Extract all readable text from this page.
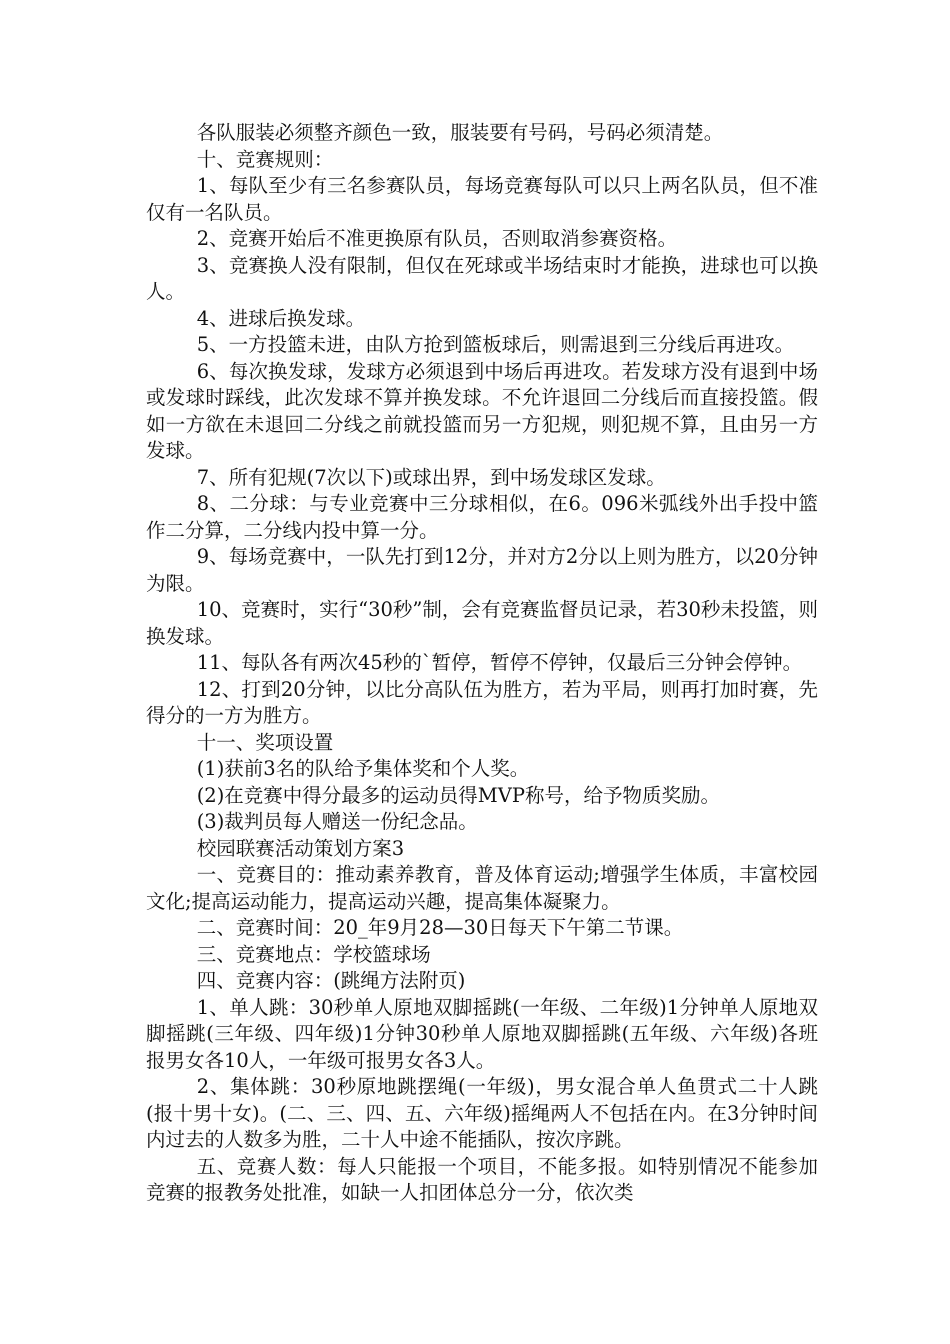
各队服装必须整齐颜色一致，服装要有号码，号码必须清楚。

十、竞赛规则：

1、每队至少有三名参赛队员，每场竞赛每队可以只上两名队员，但不准仅有一名队员。

2、竞赛开始后不准更换原有队员，否则取消参赛资格。

3、竞赛换人没有限制，但仅在死球或半场结束时才能换，进球也可以换人。

4、进球后换发球。

5、一方投篮未进，由队方抢到篮板球后，则需退到三分线后再进攻。

6、每次换发球，发球方必须退到中场后再进攻。若发球方没有退到中场或发球时踩线，此次发球不算并换发球。不允许退回二分线后而直接投篮。假如一方欲在未退回二分线之前就投篮而另一方犯规，则犯规不算，且由另一方发球。

7、所有犯规(7次以下)或球出界，到中场发球区发球。

8、二分球：与专业竞赛中三分球相似，在6。096米弧线外出手投中篮作二分算，二分线内投中算一分。

9、每场竞赛中，一队先打到12分，并对方2分以上则为胜方，以20分钟为限。

10、竞赛时，实行“30秒”制，会有竞赛监督员记录，若30秒未投篮，则换发球。

11、每队各有两次45秒的`暂停，暂停不停钟，仅最后三分钟会停钟。

12、打到20分钟，以比分高队伍为胜方，若为平局，则再打加时赛，先得分的一方为胜方。

十一、奖项设置

(1)获前3名的队给予集体奖和个人奖。

(2)在竞赛中得分最多的运动员得MVP称号，给予物质奖励。

(3)裁判员每人赠送一份纪念品。

校园联赛活动策划方案3

一、竞赛目的：推动素养教育，普及体育运动;增强学生体质，丰富校园文化;提高运动能力，提高运动兴趣，提高集体凝聚力。

二、竞赛时间：20_年9月28—30日每天下午第二节课。

三、竞赛地点：学校篮球场

四、竞赛内容：(跳绳方法附页)

1、单人跳：30秒单人原地双脚摇跳(一年级、二年级)1分钟单人原地双脚摇跳(三年级、四年级)1分钟30秒单人原地双脚摇跳(五年级、六年级)各班报男女各10人，一年级可报男女各3人。

2、集体跳：30秒原地跳摆绳(一年级)，男女混合单人鱼贯式二十人跳(报十男十女)。(二、三、四、五、六年级)摇绳两人不包括在内。在3分钟时间内过去的人数多为胜，二十人中途不能插队，按次序跳。

五、竞赛人数：每人只能报一个项目，不能多报。如特别情况不能参加竞赛的报教务处批准，如缺一人扣团体总分一分，依次类
